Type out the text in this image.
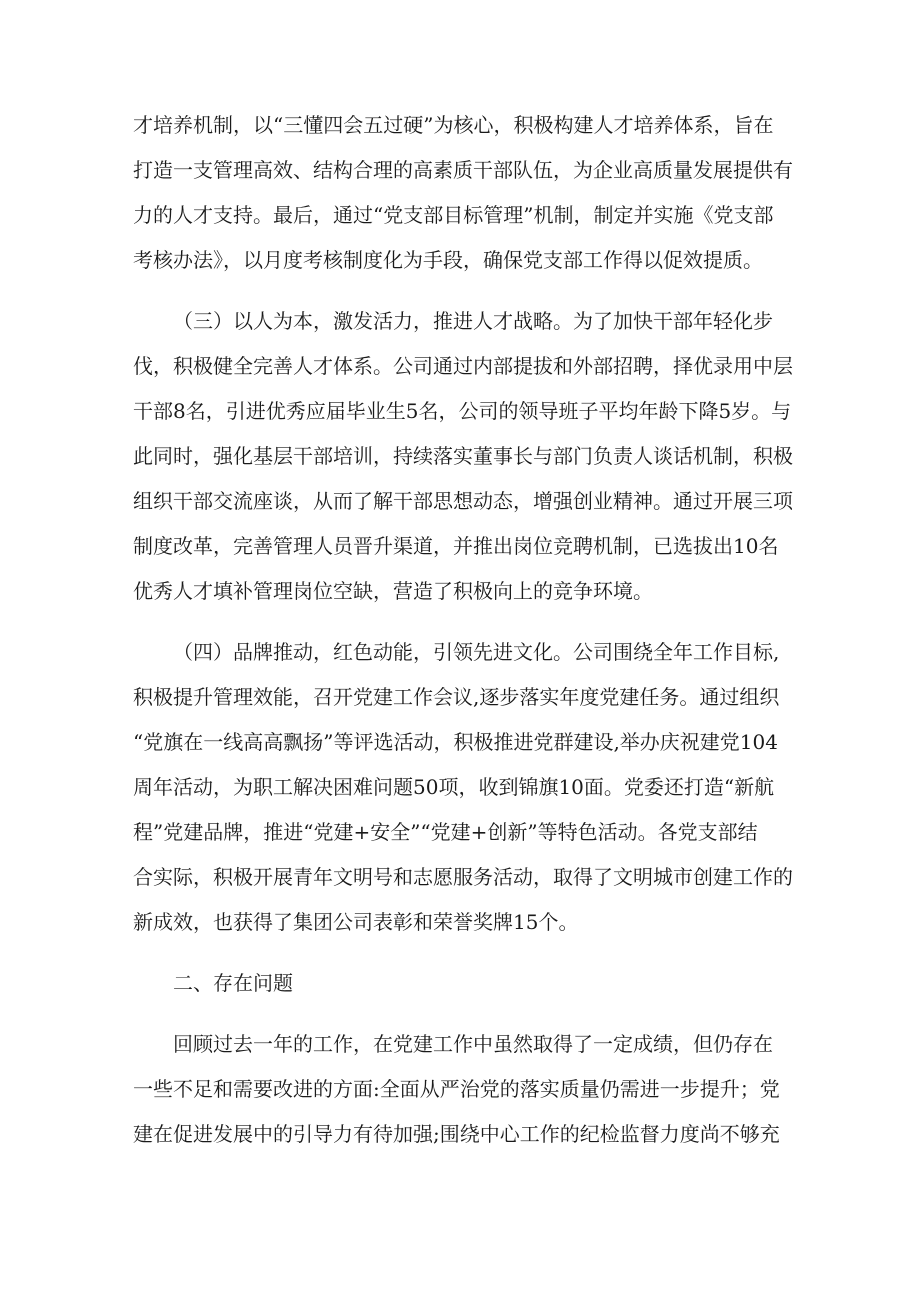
才培养机制，以“三懂四会五过硬”为核心，积极构建人才培养体系，旨在
打造一支管理高效、结构合理的高素质干部队伍，为企业高质量发展提供有
力的人才支持。最后，通过“党支部目标管理”机制，制定并实施《党支部
考核办法》，以月度考核制度化为手段，确保党支部工作得以促效提质。
（三）以人为本，激发活力，推进人才战略。为了加快干部年轻化步
伐，积极健全完善人才体系。公司通过内部提拔和外部招聘，择优录用中层
干部8名，引进优秀应届毕业生5名，公司的领导班子平均年龄下降5岁。与
此同时，强化基层干部培训，持续落实董事长与部门负责人谈话机制，积极
组织干部交流座谈，从而了解干部思想动态，增强创业精神。通过开展三项
制度改革，完善管理人员晋升渠道，并推出岗位竞聘机制，已选拔出10名
优秀人才填补管理岗位空缺，营造了积极向上的竞争环境。
（四）品牌推动，红色动能，引领先进文化。公司围绕全年工作目标,
积极提升管理效能，召开党建工作会议,逐步落实年度党建任务。通过组织
“党旗在一线高高飘扬”等评选活动，积极推进党群建设,举办庆祝建党104
周年活动，为职工解决困难问题50项，收到锦旗10面。党委还打造“新航
程”党建品牌，推进“党建+安全”“党建+创新”等特色活动。各党支部结
合实际，积极开展青年文明号和志愿服务活动，取得了文明城市创建工作的
新成效，也获得了集团公司表彰和荣誉奖牌15个。
二、存在问题
回顾过去一年的工作，在党建工作中虽然取得了一定成绩，但仍存在
一些不足和需要改进的方面:全面从严治党的落实质量仍需进一步提升；党
建在促进发展中的引导力有待加强;围绕中心工作的纪检监督力度尚不够充
